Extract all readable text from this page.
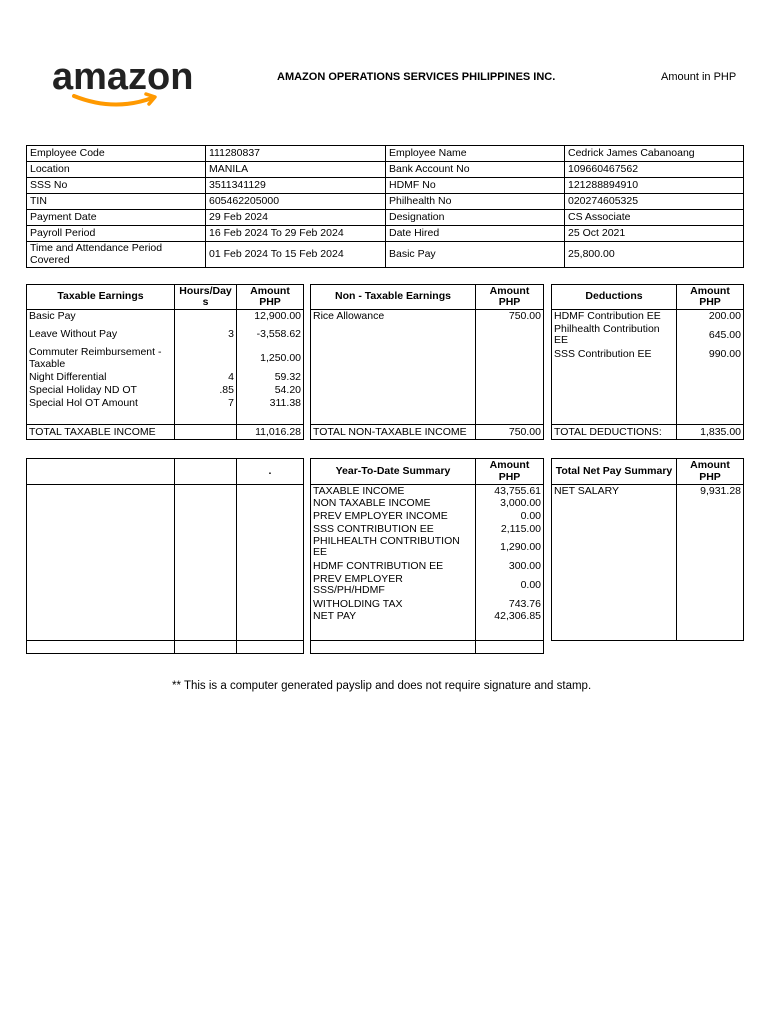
amazon	AMAZON OPERATIONS SERVICES PHILIPPINES INC.	Amount in PHP
Employee Code	111280837	Employee Name	Cedrick James Cabanoang
Location	MANILA	Bank Account No	109660467562
SSS No	3511341129	HDMF No	121288894910
TIN	605462205000	Philhealth No	020274605325
Payment Date	29 Feb 2024	Designation	CS Associate
Payroll Period	16 Feb 2024 To 29 Feb 2024	Date Hired	25 Oct 2021
Time and Attendance Period Covered	01 Feb 2024 To 15 Feb 2024	Basic Pay	25,800.00
Taxable Earnings	Hours/Days	Amount PHP
Basic Pay		12,900.00
Leave Without Pay	3	-3,558.62
Commuter Reimbursement - Taxable		1,250.00
Night Differential	4	59.32
Special Holiday ND OT	.85	54.20
Special Hol OT Amount	7	311.38

TOTAL TAXABLE INCOME		11,016.28
Non - Taxable Earnings	Amount PHP
Rice Allowance	750.00

TOTAL NON-TAXABLE INCOME	750.00
Deductions	Amount PHP
HDMF Contribution EE	200.00
Philhealth Contribution EE	645.00
SSS Contribution EE	990.00

TOTAL DEDUCTIONS:	1,835.00
		.

			Year-To-Date Summary	Amount PHP
TAXABLE INCOME	43,755.61
NON TAXABLE INCOME	3,000.00
PREV EMPLOYER INCOME	0.00
SSS CONTRIBUTION EE	2,115.00
PHILHEALTH CONTRIBUTION EE	1,290.00
HDMF CONTRIBUTION EE	300.00
PREV EMPLOYER SSS/PH/HDMF	0.00
WITHOLDING TAX	743.76
NET PAY	42,306.85

Total Net Pay Summary	Amount PHP
NET SALARY	9,931.28

** This is a computer generated payslip and does not require signature and stamp.
